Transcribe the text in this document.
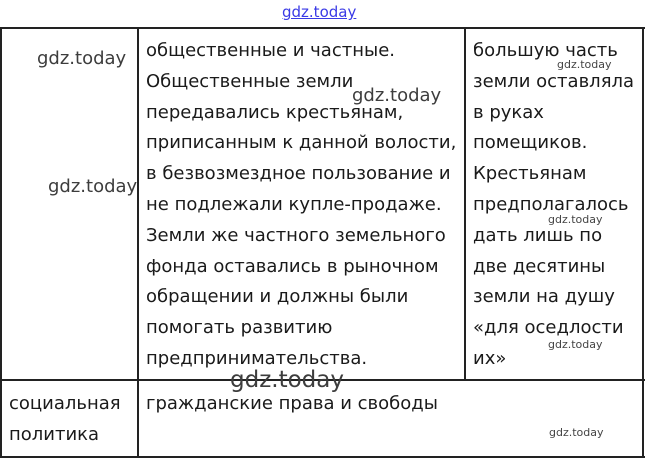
gdz.today
общественные и частные.
Общественные земли
передавались крестьянам,
приписанным к данной волости,
в безвозмездное пользование и
не подлежали купле-продаже.
Земли же частного земельного
фонда оставались в рыночном
обращении и должны были
помогать развитию
предпринимательства.
большую часть
земли оставляла
в руках
помещиков.
Крестьянам
предполагалось
дать лишь по
две десятины
земли на душу
«для оседлости
их»
социальная
политика
гражданские права и свободы
gdz.today
gdz.today
gdz.today
gdz.today
gdz.today
gdz.today
gdz.today
gdz.today
